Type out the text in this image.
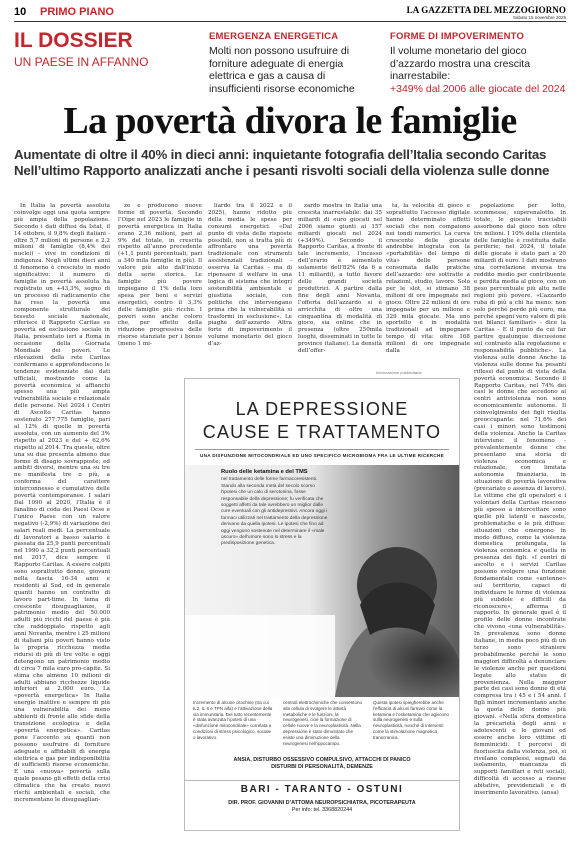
10 PRIMO PIANO	LA GAZZETTA DEL MEZZOGIORNO
Sabato 15 novembre 2025
IL DOSSIER
UN PAESE IN AFFANNO
EMERGENZA ENERGETICA

Molti non possono usufruire di forniture adeguate di energia elettrica e gas a causa di insufficienti risorse economiche

FORME DI IMPOVERIMENTO

Il volume monetario del gioco d’azzardo mostra una crescita inarrestabile:

+349% dal 2006 alle giocate del 2024

La povertà divora le famiglie
Aumentate di oltre il 40% in dieci anni: inquietante fotografia dell’Italia secondo Caritas Nell’ultimo Rapporto analizzati anche i pesanti risvolti sociali della violenza sulle donne

In Italia la povertà assoluta coinvolge oggi una quota sempre più ampia della popolazione. Secondo i dati diffusi da Istat, il 14 ottobre, il 9,8% degli italiani - oltre 5,7 milioni di persone e 2,2 milioni di famiglie (8,4% dei nuclei) - vive in condizioni di indigenza. Negli ultimi dieci anni il fenomeno è cresciuto in modo significativo: il numero di famiglie in povertà assoluta ha registrato un +43,3%, segno di un processo di radicamento che ha reso la povertà una componente strutturale del tessuto sociale nazionale, riferisce il Rapporto Caritas su povertà ed esclusione sociale in Italia, presentato ieri a Roma in occasione della Giornata Mondiale dei poveri. Le rilevazioni della rete Caritas confermano e approfondiscono le tendenze evidenziate dai dati ufficiali, mostrando come la povertà economica si affianchi spesso una più ampia vulnerabilità sociale e relazionale delle persone. Nel 2024 i Centri di Ascolto Caritas hanno sostenuto 277.775 famiglie, pari al 12% di quelle in povertà assoluta, con un aumento del 3% rispetto al 2023 e del + 62,6% rispetto al 2014. Tra queste, oltre una su due presenta almeno due forme di disagio sovrapposte; ed ambiti diversi, mentre una su tre ne manifesta tre o più, a conferma del carattere interconnesso e cumulativo delle povertà contemporanee. I salari Dal 1990 al 2020, l’Italia è il fanalino di coda dei Paesi Ocse e l’unico Paese con un valore negativo (-2,9%) di variazione dei salari reali medi. La percentuale di lavoratori a basso salario è passata da 25,9 punti percentuali nel 1990 a 32,2 punti percentuali nel 2017, dice sempre il Rapporto Caritas. A essere colpiti sono soprattutto donne, giovani nella fascia 16-34 anni e residenti al Sud, ed in generale quanti hanno un contratto di lavoro part-time. In tema di crescente disuguaglianze, il patrimonio medio del 50.000 adulti più ricchi del paese è più che raddoppiato rispetto agli anni Novanta, mentre i 25 milioni di italiani più poveri hanno visto la propria ricchezza media ridursi di più di tre volte e oggi detengono un patrimonio medio di circa 7 mila euro pro-capite. Si stima che almeno 10 milioni di adulti abbiano ricchezze liquide inferiori ai 2.000 euro. La «povertà energetica» In Italia energie inattive e sempre di più una vulnerabilità dei meno abbienti di fronte alle sfide della transizione ecologica e della «povertà energetica». Caritas pone l’accento su quanti non possono usufruire di forniture adeguate e affidabili di energia elettrica e gas per indisponibilità di sufficienti risorse economiche. E una «nuova» povertà sulla quale pesano gli effetti della crisi climatica che ha creato nuovi rischi ambientali e sociali, che incrementano le disuguaglian-

ze e producono nuove forme di povertà. Secondo l’Oipe nel 2023 le famiglie in povertà energetica in Italia erano 2,36 milioni, pari al 9% del totale, in crescita rispetto all’anno precedente (+1,1 punti percentuali, pari a 340 mila famiglie in più). Il valore più alto dall’inizio della serie storica. Le famiglie più povere impiegano il 1% della loro spesa per beni e servizi energetici, contro il 3,3% delle famiglie più ricche. I poveri sono anche coloro che, per effetto della riduzione progressiva delle risorse stanziate per i bonus (meno 1 mi-

liardo tra il 2022 e il 2025), hanno ridotto più della media le spese per consumi energetici. «Dal punto di vista delle risposte possibili, non si tratta più di affrontare una povertà tradizionale con strumenti assistenziali tradizionali - osserva la Caritas - ma di ripensare il welfare in una logica di sistema che integri sostenibilità ambientale e giustizia sociale, con politiche che intervengano prima che la vulnerabilità si trasformi in esclusione». Le piaghe dell’azzardo Altra forte di impoverimento il volume monetario del gioco d’az-

zardo mostra in Italia una crescita inarrestabile: dai 35 miliardi di euro giocati nel 2006 siamo giunti ai 157 miliardi giocati nel 2024 (+349%). Secondo il Rapporto Caritas, a fronte di tale incremento, l’incasso dell’erario è aumentato solamente dell’82% (da 6 a 11 miliardi), a tutto favore delle grandi società produttrici. A partire dalla fine degli anni Novanta, l’offerta dell’azzardo si è arricchita di oltre una cinquantina di modalità di gioco, sia online che in presenza (oltre 250mila luoghi, disseminati in tutte le province italiane). La densità dell’offer-

ta, la velocità di gioco e soprattutto l’accesso digitale hanno determinato effetti sociali che non compaiono nei tondi numerici. La curva crescente delle giocate andrebbe integrata con la «portabilità» del tempo di vita» delle persone consumata dalle pratiche dell’azzardo: ore sottratte a relazioni, studio, lavoro. Solo per le slot, si stimano 38 milioni di ore impegnate nel gioco. Oltre 22 milioni di ore impegnate per un milione e 329 mila giocate. Ma uno sportello è in modalità tradizionali ad impegnare tempo di vita: oltre 168 milioni di ore impegnate dalla

popolazione per lotto, scommesse, superenalotto. In totale, le giocate tracciabili assorbono dal gioco non oltre tre milioni. I 10% della clientela delle famiglie è costituita dalle periferie; nel 2024, il totale delle giocate è stato pari a 20 miliardi di euro. I dati mostrano una correlazione inversa tra reddito medio per contribuente e perdita media al gioco, con un peso percentuale più alto nelle regioni più povere. «L’azzardo ruba di più a chi ha meno: non solo perché perde più euro, ma perché spegni vero valore di più nei bilanci familiari» - dice la Caritas - E il punto da cui far partire qualunque discussione sul contrasto alla regolazione e responsabilità pubbliche». La violenza sulle donne Anche la violenza sulle donne ha pesanti riflessi dal punto di vista della povertà economica. Secondo il Rapporto Caritas, nel 74% dei casi le donne che accedono ai centri antiviolenza non sono economicamente autonome. Il coinvolgimento dei figli risulta preoccupante: nel 71,6% dei casi i minori sono testimoni della violenza. Anche la Caritas interviene: il fenomeno - prevalentemente donne che presentano una storia di violenza economica e relazionale, con limitata autonomia finanziaria, in situazione di povertà lavorativa (precariato o assenza di lavoro). Le vittime che gli operatori e i volontari della Caritas riescono più spesso a intercettare sono quelle più latenti e nascoste, problematiche e le più diffuse: situazioni che emergono in modo diffuso, come la violenza domestica prolungata, la violenza economica e quella in presenza dei figli. «I centri di ascolto e i servizi Caritas possono svolgere una funzione fondamentale come «antenne» sul territorio, capaci di individuare le forme di violenza più subdole e difficili da riconoscere», afferma il rapporto. In generale quel è il profilo delle donne incontrate che vivono «una vulnerabilità». In prevalenza sono donne italiane, in media poco più di un terzo sono straniere probabilmente perché le sono maggiori difficoltà a denunciare le violenze anche per questioni legate allo status di provenienza. Nella maggior parte dei casi sono donne di età compresa tra i 45 e i 54 anni. I figli minori incrementano anche la quota delle donne più giovani. «Nella sfera domestica la precarietà degli anni e adolescenti e le giovani ed essere anche loro vittime di femminicidi. I percorsi di fuoriuscita dalla violenza, poi, si rivelano complessi, segnati da isolamento, mancanza di supporti familiari e reti sociali, difficoltà di accesso a risorse abitative, previdenziali e di inserimento lavorativo. (ansa)

Informazione pubblicitaria
LA DEPRESSIONE
CAUSE E TRATTAMENTO
UNA DISFUNZIONE MITOCONDRIALE ED UNO SPECIFICO MICROBIOMA FRA LE ULTIME RICERCHE
Ruolo delle ketamina e del TMS

nel trattamento delle forme farmacoresistenti. Stando alla seconda metà del secolo scorso l’ipotesi che un calo di serotonina, fosse responsabile della depressione; fu verificata che soggetti affetti da tale avrebbero un miglior dalle cure eventuali con gli antidepressivi. Ancora oggi i farmaci utilizzati nel trattamento della depressione derivano da quella ipotesi. Le ipotesi che fino ad oggi vengono sostenute nel determinare il «male oscuro» dell’umore sono lo stress e la predisposizione genetica.

Incremento di alcune citochine (tra cui IL2, IL 6 e TPN alfa) e l’attivazione della via immunitaria. Del tutto recentemente è stata avanzata l’ipotesi di una «disfunzione mitocondriale» correlata a condizioni di stress psicologico, sociale o lavorativo.
centrali elettrochimiche che consentono alla cellula di svolgere le attività metaboliche e le funzioni, la neurogenesi, cioè la formazione di cellule nuove e la neuroplasticità. Nella depressione è stato dimostrato che esiste una diminuzione della neurogenesi nell’ippocampo.
Questa ipotesi spiegherebbe anche l’efficacia di alcuni farmaci come la ketamina e l’esketamina che agiscono sulla neurogenesi e sulla neuroplasticità, nonché di interventi come la stimolazione magnetica transcranica.
ANSIA, DISTURBO OSSESSIVO COMPULSIVO, ATTACCHI DI PANICO
DISTURBI DI PERSONALITÀ, DEMENZE
BARI - TARANTO - OSTUNI
DIR. PROF. GIOVANNI D’ATTOMA NEUROPSICHIATRA, PICOTERAPEUTA
Per info: tel. 3368820244
